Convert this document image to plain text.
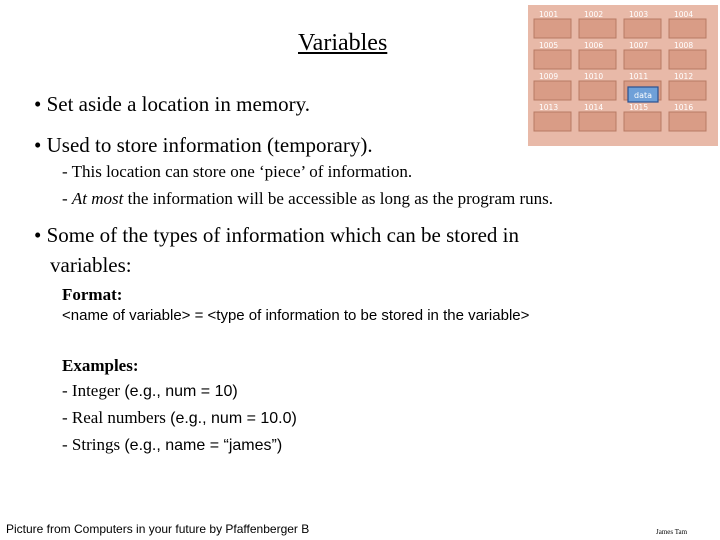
Variables
• Set aside a location in memory.
• Used to store information (temporary).
- This location can store one ‘piece’ of information.
- At most the information will be accessible as long as the program runs.
• Some of the types of information which can be stored in
variables:
Format:
<name of variable> = <type of information to be stored in the variable>
Examples:
- Integer (e.g., num = 10)
- Real numbers (e.g., num = 10.0)
- Strings (e.g., name = “james”)
Picture from Computers in your future by Pfaffenberger B	James Tam
1001	1002	1003	1004
1005	1006	1007	1008
1009	1010	1011	1012
1013	1014	1015	1016
data
